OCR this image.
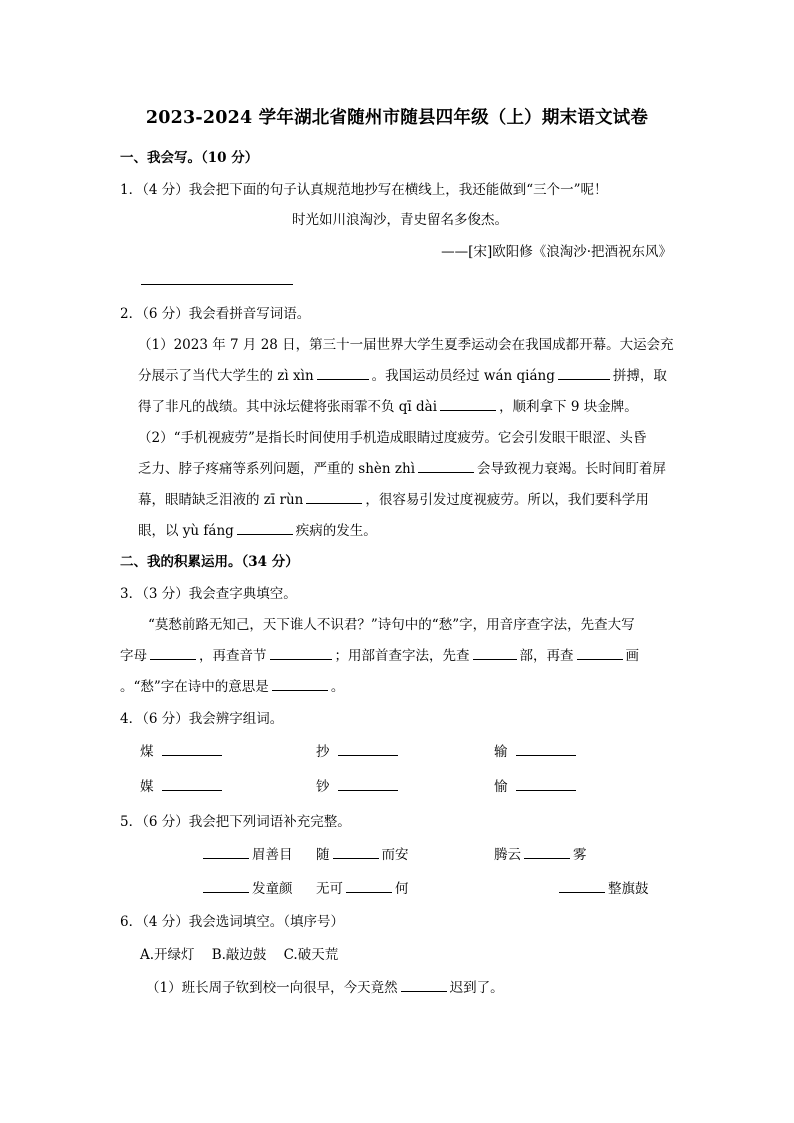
2023-2024 学年湖北省随州市随县四年级（上）期末语文试卷
一、我会写。（10 分）
1．（4 分）我会把下面的句子认真规范地抄写在横线上，我还能做到“三个一”呢！
时光如川浪淘沙，青史留名多俊杰。
——[宋]欧阳修《浪淘沙·把酒祝东风》
2．（6 分）我会看拼音写词语。
（1）2023 年 7 月 28 日，第三十一届世界大学生夏季运动会在我国成都开幕。大运会充
分展示了当代大学生的 zì xìn	。我国运动员经过 wán qiáng	拼搏，取
得了非凡的战绩。其中泳坛健将张雨霏不负 qī dài	，顺利拿下 9 块金牌。
（2）“手机视疲劳”是指长时间使用手机造成眼睛过度疲劳。它会引发眼干眼涩、头昏
乏力、脖子疼痛等系列问题，严重的 shèn zhì	会导致视力衰竭。长时间盯着屏
幕，眼睛缺乏泪液的 zī rùn	，很容易引发过度视疲劳。所以，我们要科学用
眼，以 yù fáng	疾病的发生。
二、我的积累运用。（34 分）
3．（3 分）我会查字典填空。
“莫愁前路无知己，天下谁人不识君？”诗句中的“愁”字，用音序查字法，先查大写
字母	，再查音节	；用部首查字法，先查	部，再查	画
。“愁”字在诗中的意思是	。
4．（6 分）我会辨字组词。
煤	抄	输
媒	钞	愉
5．（6 分）我会把下列词语补充完整。
眉善目 随	而安	腾云	雾
发童颜 无可	何	整旗鼓
6．（4 分）我会选词填空。（填序号）
A.开绿灯    B.敲边鼓    C.破天荒
（1）班长周子钦到校一向很早，今天竟然	迟到了。
